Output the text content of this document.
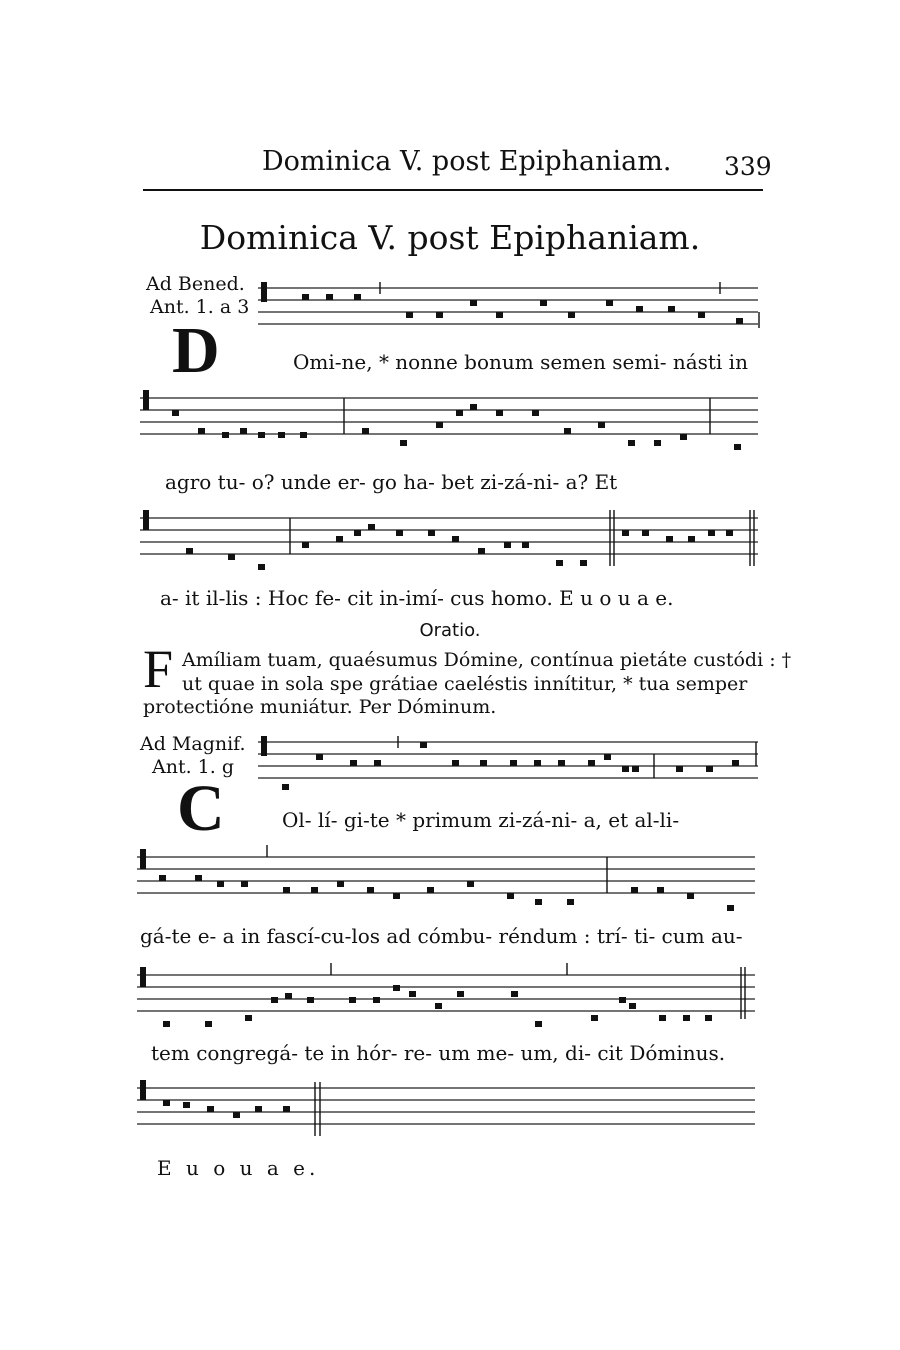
Dominica V. post Epiphaniam. 339
Dominica V. post Epiphaniam.
Ad Bened.
Ant. 1. a 3
D	Omi-ne, * nonne bonum semen semi- násti in
agro tu- o? unde er- go ha- bet zi-zá-ni- a? Et
a- it il-lis : Hoc fe- cit in-imí- cus homo. E u o u a e.
Oratio.
F Amíliam tuam, quaésumus Dómine, contínua pietáte custódi : †
ut quae in sola spe grátiae caeléstis innítitur, * tua semper
protectióne muniátur. Per Dóminum.
Ad Magnif.
Ant. 1. g
C	Ol- lí- gi-te * primum zi-zá-ni- a, et al-li-
gá-te e- a in fascí-cu-los ad cómbu- réndum : trí- ti- cum au-
tem congregá- te in hór- re- um me- um, di- cit Dóminus.
E u o u a e.
